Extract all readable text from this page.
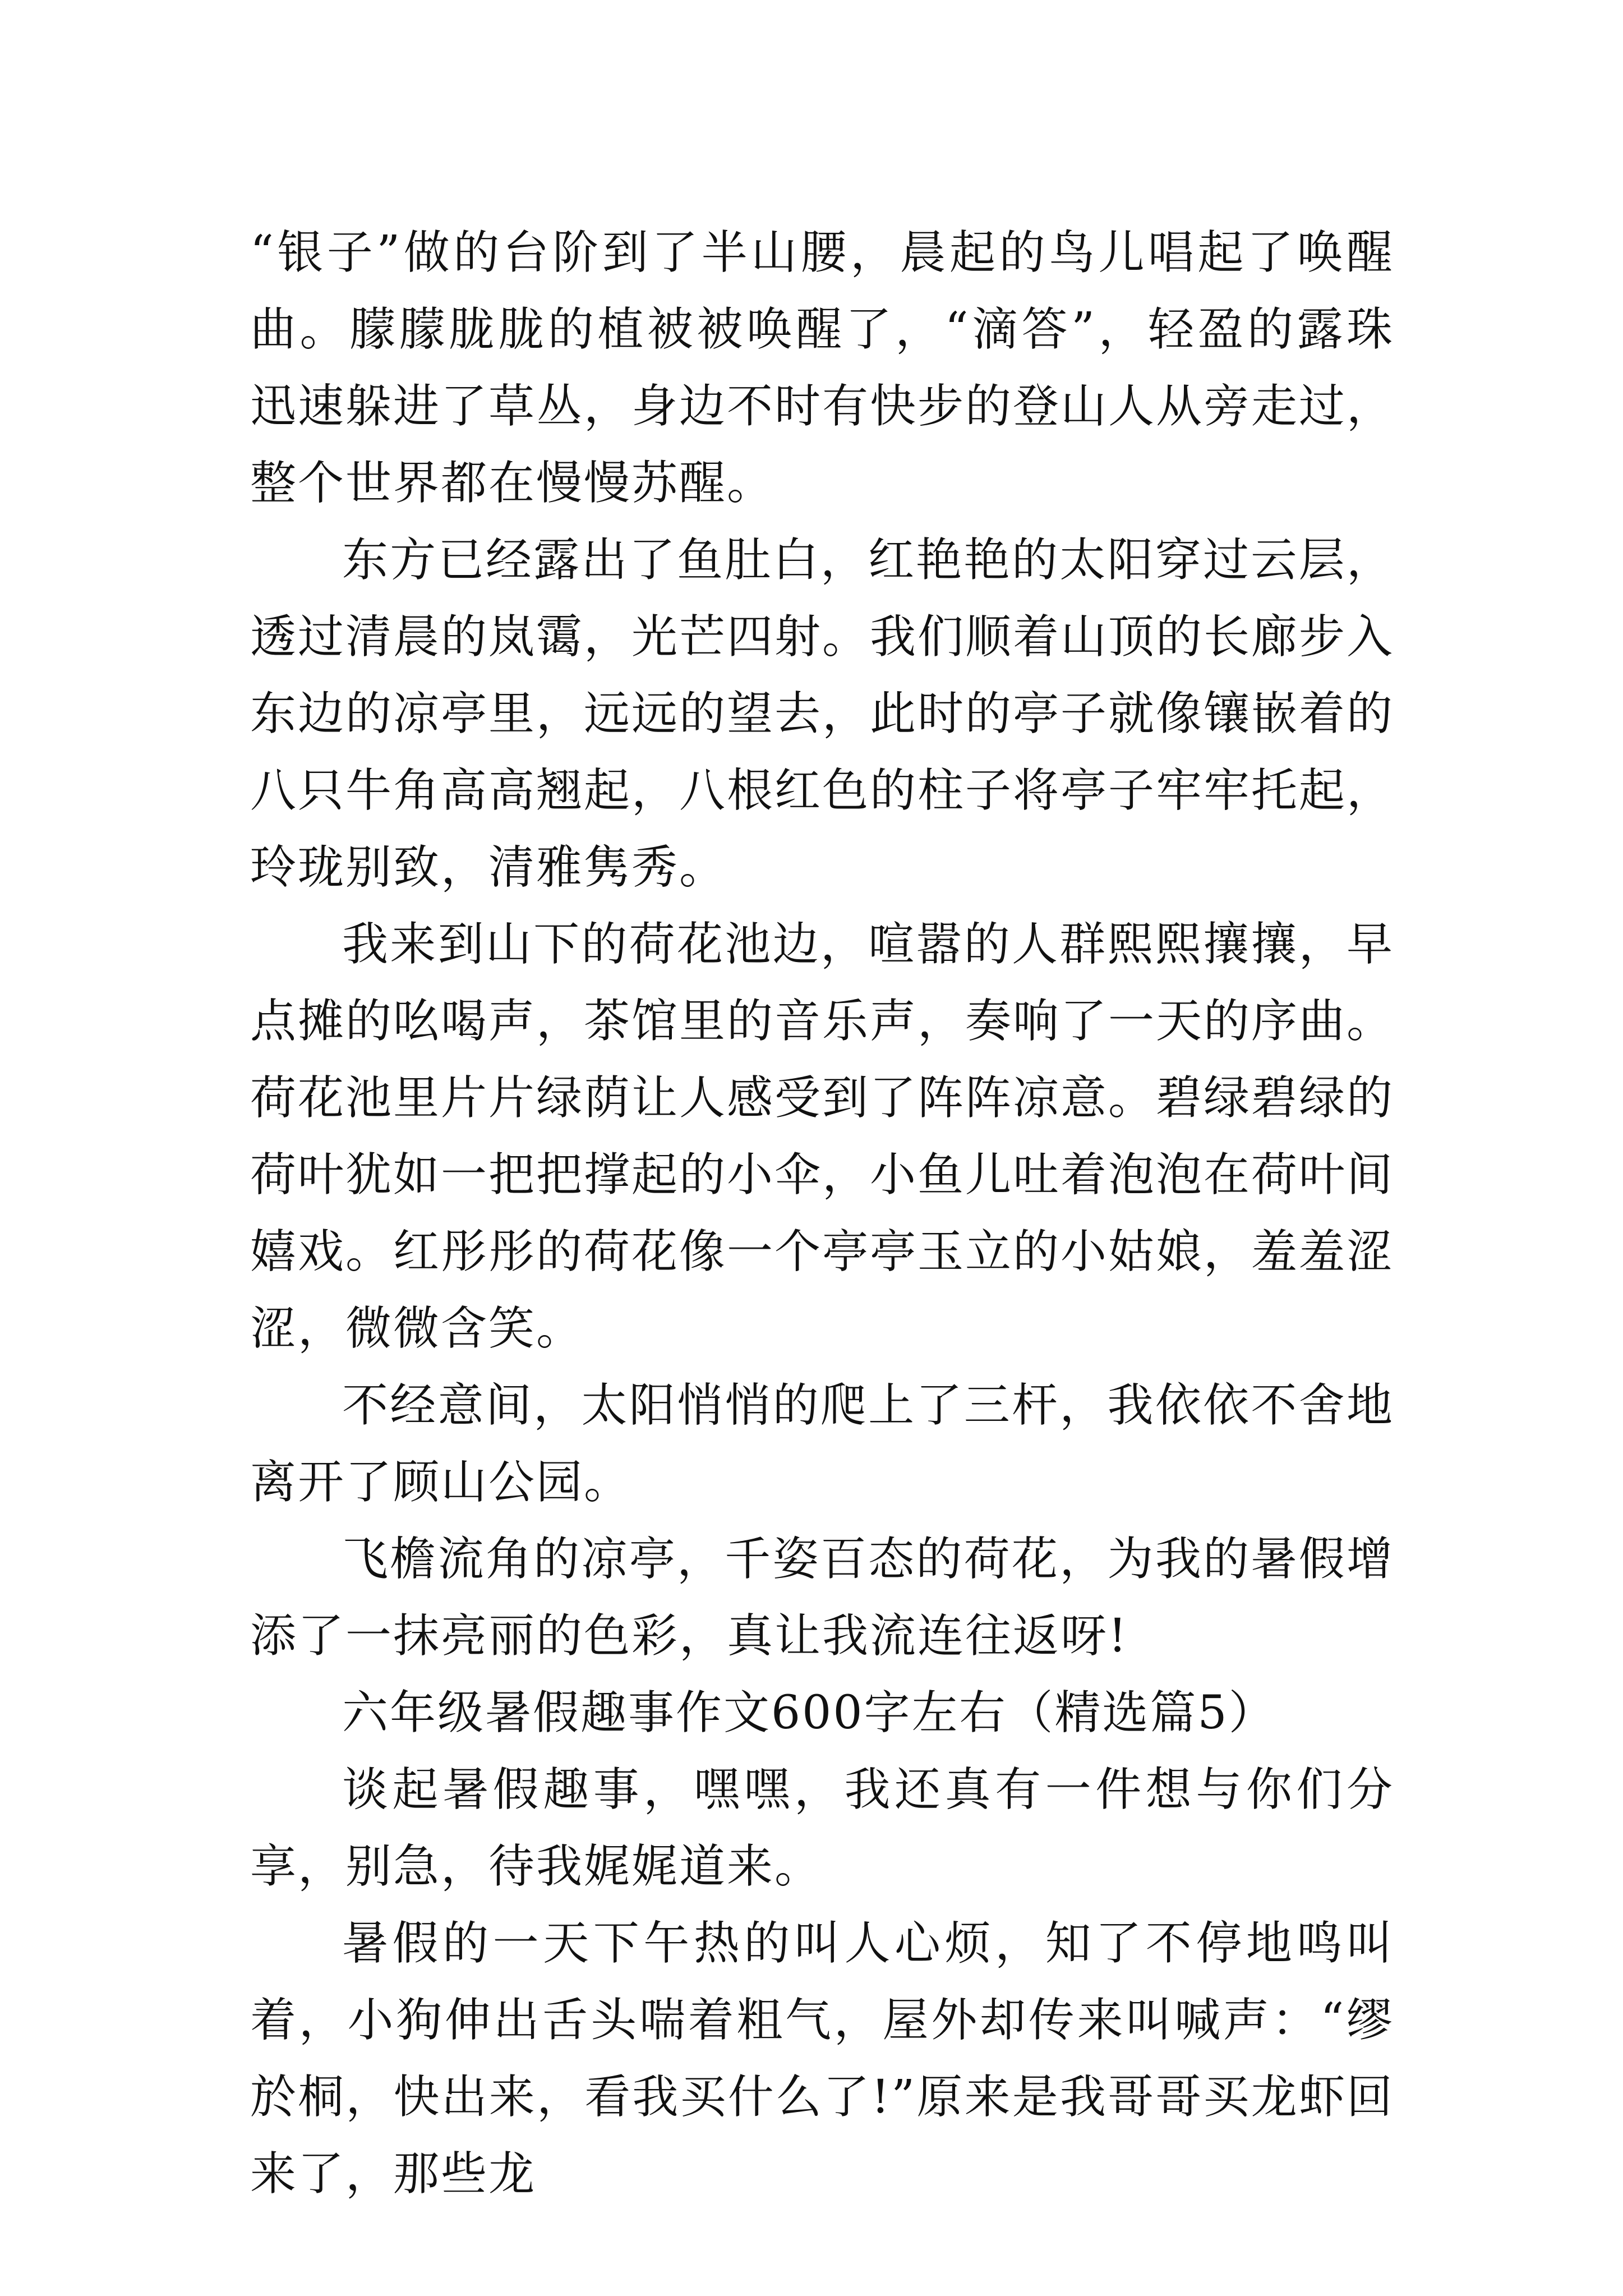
“银子”做的台阶到了半山腰，晨起的鸟儿唱起了唤醒曲。朦朦胧胧的植被被唤醒了，“滴答”，轻盈的露珠迅速躲进了草丛，身边不时有快步的登山人从旁走过，整个世界都在慢慢苏醒。

东方已经露出了鱼肚白，红艳艳的太阳穿过云层，透过清晨的岚霭，光芒四射。我们顺着山顶的长廊步入东边的凉亭里，远远的望去，此时的亭子就像镶嵌着的八只牛角高高翘起，八根红色的柱子将亭子牢牢托起，玲珑别致，清雅隽秀。

我来到山下的荷花池边，喧嚣的人群熙熙攘攘，早点摊的吆喝声，茶馆里的音乐声，奏响了一天的序曲。荷花池里片片绿荫让人感受到了阵阵凉意。碧绿碧绿的荷叶犹如一把把撑起的小伞，小鱼儿吐着泡泡在荷叶间嬉戏。红彤彤的荷花像一个亭亭玉立的小姑娘，羞羞涩涩，微微含笑。

不经意间，太阳悄悄的爬上了三杆，我依依不舍地离开了顾山公园。

飞檐流角的凉亭，千姿百态的荷花，为我的暑假增添了一抹亮丽的色彩，真让我流连往返呀!

六年级暑假趣事作文600字左右（精选篇5）

谈起暑假趣事，嘿嘿，我还真有一件想与你们分享，别急，待我娓娓道来。

暑假的一天下午热的叫人心烦，知了不停地鸣叫着，小狗伸出舌头喘着粗气，屋外却传来叫喊声：“缪於桐，快出来，看我买什么了!”原来是我哥哥买龙虾回来了，那些龙
